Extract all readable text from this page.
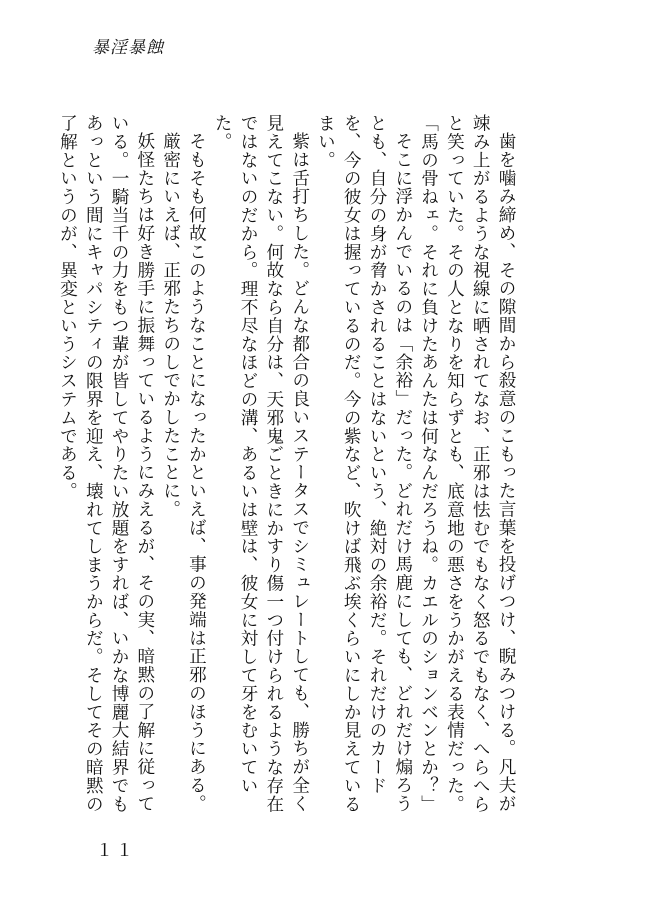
暴淫暴蝕

歯を噛み締め、その隙間から殺意のこもった言葉を投げつけ、睨みつける。凡夫が竦み上がるような視線に晒されてなお、正邪は怯むでもなく怒るでもなく、へらへらと笑っていた。その人となりを知らずとも、底意地の悪さをうかがえる表情だった。

「馬の骨ねェ。それに負けたあんたは何なんだろうね。カエルのションベンとか？」

そこに浮かんでいるのは「余裕」だった。どれだけ馬鹿にしても、どれだけ煽ろうとも、自分の身が脅かされることはないという、絶対の余裕だ。それだけのカードを、今の彼女は握っているのだ。今の紫など、吹けば飛ぶ埃くらいにしか見えているまい。

紫は舌打ちした。どんな都合の良いステータスでシミュレートしても、勝ちが全く見えてこない。何故なら自分は、天邪鬼ごときにかすり傷一つ付けられるような存在ではないのだから。理不尽なほどの溝、あるいは壁は、彼女に対して牙をむいていた。

そもそも何故このようなことになったかといえば、事の発端は正邪のほうにある。

厳密にいえば、正邪たちのしでかしたことに。

妖怪たちは好き勝手に振舞っているようにみえるが、その実、暗黙の了解に従っている。一騎当千の力をもつ輩が皆してやりたい放題をすれば、いかな博麗大結界でもあっという間にキャパシティの限界を迎え、壊れてしまうからだ。そしてその暗黙の了解というのが、異変というシステムである。

１１
